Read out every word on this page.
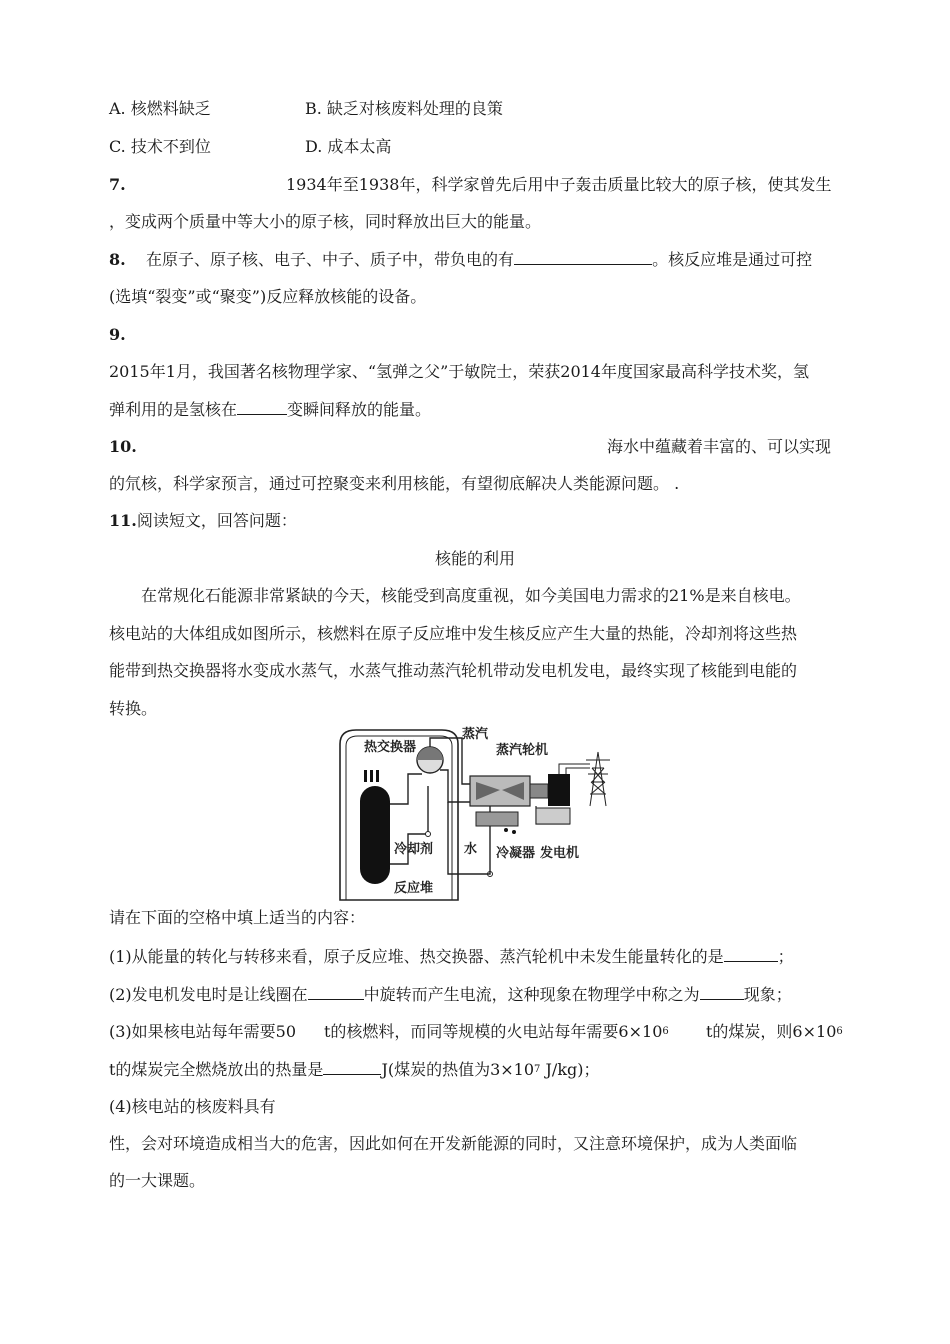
A. 核燃料缺乏	B. 缺乏对核废料处理的良策
C. 技术不到位	D. 成本太高
7.	1934年至1938年，科学家曾先后用中子轰击质量比较大的原子核，使其发生
，变成两个质量中等大小的原子核，同时释放出巨大的能量。
8. 在原子、原子核、电子、中子、质子中，带负电的有	。核反应堆是通过可控
(选填“裂变”或“聚变”)反应释放核能的设备。
9.
2015年1月，我国著名核物理学家、“氢弹之父”于敏院士，荣获2014年度国家最高科学技术奖，氢
弹利用的是氢核在	变瞬间释放的能量。
10.	海水中蕴藏着丰富的、可以实现
的氘核，科学家预言，通过可控聚变来利用核能，有望彻底解决人类能源问题。 .
11.阅读短文，回答问题：
核能的利用
在常规化石能源非常紧缺的今天，核能受到高度重视，如今美国电力需求的21%是来自核电。
核电站的大体组成如图所示，核燃料在原子反应堆中发生核反应产生大量的热能，冷却剂将这些热
能带到热交换器将水变成水蒸气，水蒸气推动蒸汽轮机带动发电机发电，最终实现了核能到电能的
转换。
热交换器
蒸汽
蒸汽轮机
冷却剂 水 冷凝器 发电机
反应堆
请在下面的空格中填上适当的内容：
(1)从能量的转化与转移来看，原子反应堆、热交换器、蒸汽轮机中未发生能量转化的是	；
(2)发电机发电时是让线圈在	中旋转而产生电流，这种现象在物理学中称之为	现象；
(3)如果核电站每年需要50 t的核燃料，而同等规模的火电站每年需要$6\times 10^6$ t的煤炭，则$6\times 10^6$
t的煤炭完全燃烧放出的热量是	J(煤炭的热值为$3\times 10^7$ J/kg)；
(4)核电站的核废料具有
性，会对环境造成相当大的危害，因此如何在开发新能源的同时，又注意环境保护，成为人类面临
的一大课题。
